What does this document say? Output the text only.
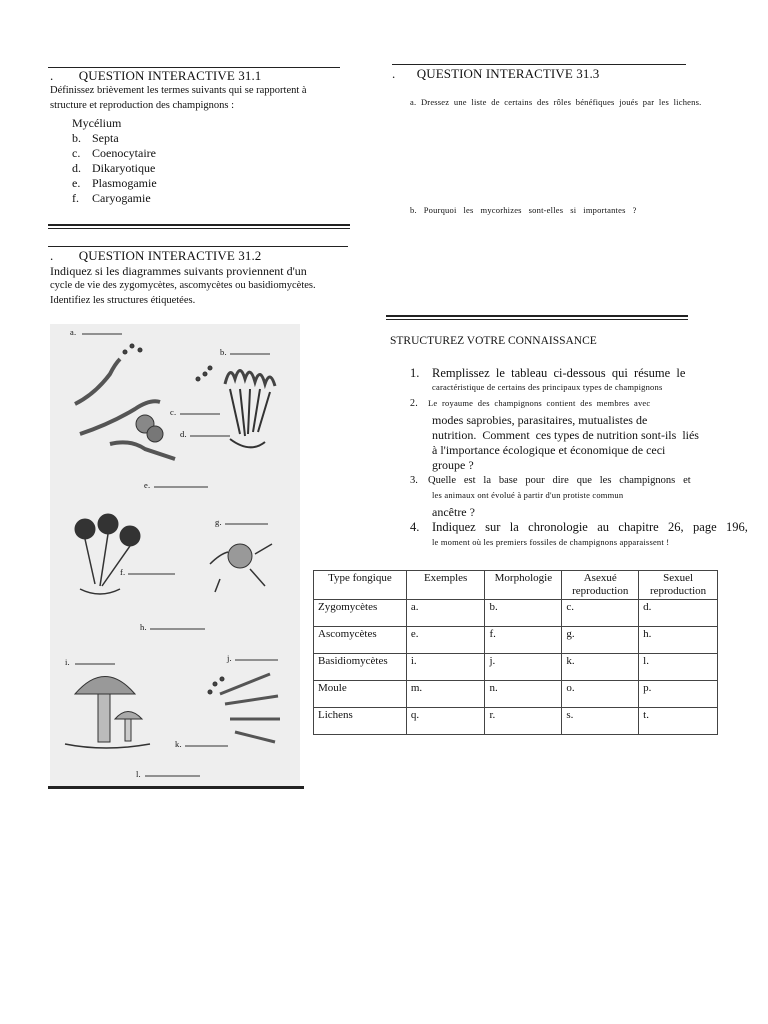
. QUESTION INTERACTIVE 31.1
Définissez brièvement les termes suivants qui se rapportent à
structure et reproduction des champignons :
Mycélium
b. Septa
c. Coenocytaire
d. Dikaryotique
e. Plasmogamie
f. Caryogamie
. QUESTION INTERACTIVE 31.2
Indiquez si les diagrammes suivants proviennent d'un
cycle de vie des zygomycètes, ascomycètes ou basidiomycètes.
Identifiez les structures étiquetées.
a.
b.
c.
d.
e.
f.
g.
h.
i.	j.
k.
l.
. QUESTION INTERACTIVE 31.3
a.  Dressez  une  liste  de  certains  des  rôles  bénéfiques  joués  par  les  lichens.
b.   Pourquoi   les   mycorhizes   sont-elles   si   importantes   ?
STRUCTUREZ VOTRE CONNAISSANCE
1. Remplissez  le  tableau  ci-dessous  qui  résume  le
caractéristique de certains des principaux types de champignons
2. Le  royaume  des  champignons  contient  des  membres  avec
modes saprobies, parasitaires, mutualistes de
nutrition.  Comment  ces types de nutrition sont-ils  liés
à l'importance écologique et économique de ceci
groupe ?
3. Quelle   est   la   base   pour   dire   que   les   champignons   et
les animaux ont évolué à partir d'un protiste commun
ancêtre ?
4. Indiquez   sur   la   chronologie   au   chapitre   26,   page   196,
le moment où les premiers fossiles de champignons apparaissent !
Type fongique	Exemples	Morphologie	Asexué reproduction	Sexuel reproduction
Zygomycètes	a.	b.	c.	d.
Ascomycètes	e.	f.	g.	h.
Basidiomycètes	i.	j.	k.	l.
Moule	m.	n.	o.	p.
Lichens	q.	r.	s.	t.
